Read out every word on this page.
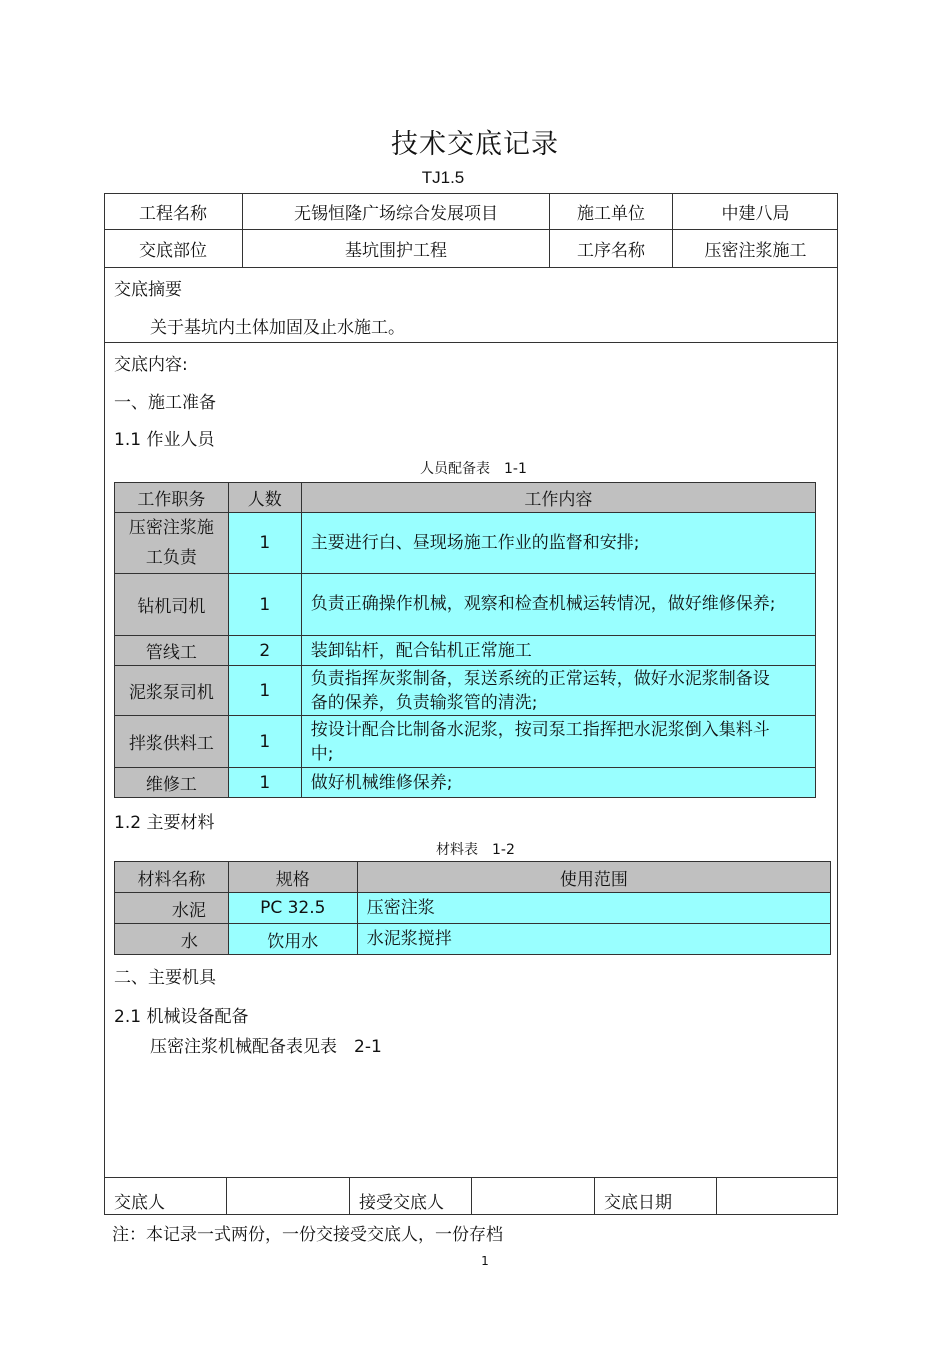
技术交底记录
TJ1.5
工程名称	无锡恒隆广场综合发展项目	施工单位	中建八局
交底部位	基坑围护工程	工序名称	压密注浆施工
交底摘要
关于基坑内土体加固及止水施工。
交底内容:
一、施工准备
1.1 作业人员
人员配备表　1-1
工作职务	人数	工作内容
压密注浆施工负责	1	主要进行白、昼现场施工作业的监督和安排;
钻机司机	1	负责正确操作机械，观察和检查机械运转情况，做好维修保养;
管线工	2	装卸钻杆，配合钻机正常施工
泥浆泵司机	1	负责指挥灰浆制备，泵送系统的正常运转，做好水泥浆制备设备的保养，负责输浆管的清洗;
拌浆供料工	1	按设计配合比制备水泥浆，按司泵工指挥把水泥浆倒入集料斗中;
维修工	1	做好机械维修保养;
1.2 主要材料
材料表　1-2
材料名称	规格	使用范围
水泥	PC 32.5	压密注浆
水	饮用水	水泥浆搅拌
二、主要机具
2.1 机械设备配备
压密注浆机械配备表见表　2-1
交底人	接受交底人	交底日期
注：本记录一式两份，一份交接受交底人，一份存档
1
